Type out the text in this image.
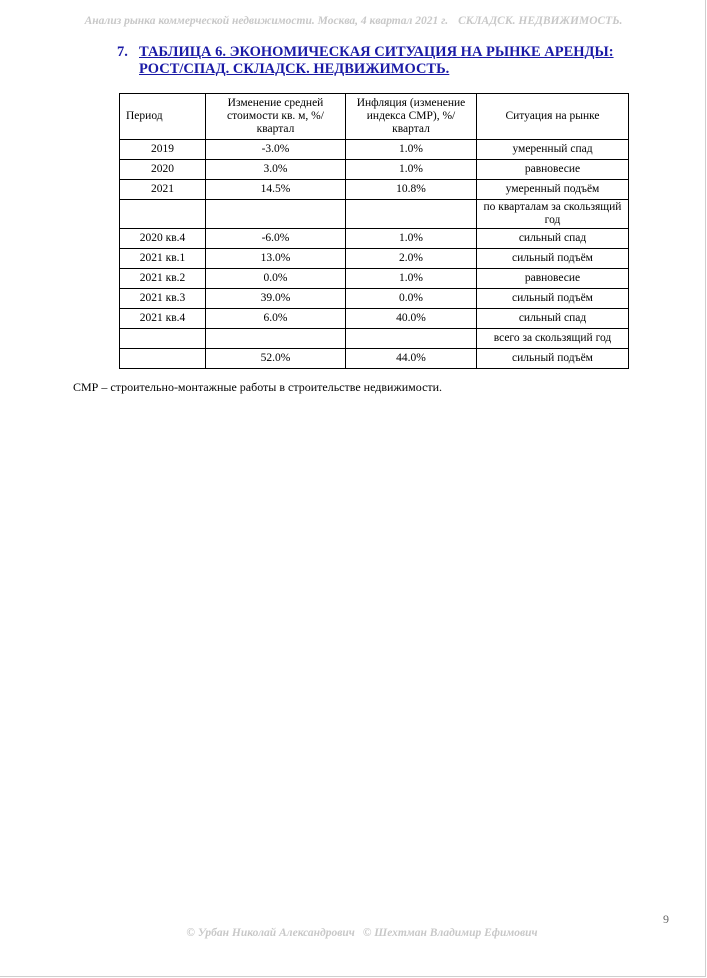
Анализ рынка коммерческой недвижимости. Москва, 4 квартал 2021 г. СКЛАДСК. НЕДВИЖИМОСТЬ.
7. ТАБЛИЦА 6. ЭКОНОМИЧЕСКАЯ СИТУАЦИЯ НА РЫНКЕ АРЕНДЫ: РОСТ/СПАД. СКЛАДСК. НЕДВИЖИМОСТЬ.
Период	Изменение средней стоимости кв. м, %/ квартал	Инфляция (изменение индекса СМР), %/ квартал	Ситуация на рынке
2019	-3.0%	1.0%	умеренный спад
2020	3.0%	1.0%	равновесие
2021	14.5%	10.8%	умеренный подъём
			по кварталам за скользящий год
2020 кв.4	-6.0%	1.0%	сильный спад
2021 кв.1	13.0%	2.0%	сильный подъём
2021 кв.2	0.0%	1.0%	равновесие
2021 кв.3	39.0%	0.0%	сильный подъём
2021 кв.4	6.0%	40.0%	сильный спад
			всего за скользящий год
	52.0%	44.0%	сильный подъём
СМР – строительно-монтажные работы в строительстве недвижимости.
9
© Урбан Николай Александрович © Шехтман Владимир Ефимович
